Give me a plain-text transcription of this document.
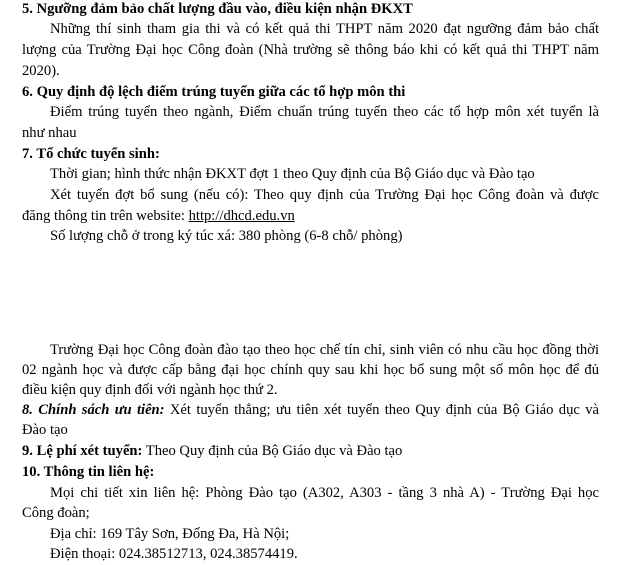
5. Ngưỡng đảm bảo chất lượng đầu vào, điều kiện nhận ĐKXT
Những thí sinh tham gia thi và có kết quả thi THPT năm 2020 đạt ngưỡng đảm bảo chất
lượng của Trường Đại học Công đoàn (Nhà trường sẽ thông báo khi có kết quả thi THPT năm
2020).
6. Quy định độ lệch điểm trúng tuyển giữa các tổ hợp môn thi
Điểm trúng tuyển theo ngành, Điểm chuẩn trúng tuyển theo các tổ hợp môn xét tuyển là
như nhau
7. Tổ chức tuyển sinh:
Thời gian; hình thức nhận ĐKXT đợt 1 theo Quy định của Bộ Giáo dục và Đào tạo
Xét tuyển đợt bổ sung (nếu có): Theo quy định của Trường Đại học Công đoàn và được
đăng thông tin trên website: http://dhcd.edu.vn
Số lượng chỗ ở trong ký túc xá: 380 phòng (6-8 chỗ/ phòng)
Trường Đại học Công đoàn đào tạo theo học chế tín chỉ, sinh viên có nhu cầu học đồng thời
02 ngành học và được cấp bằng đại học chính quy sau khi học bổ sung một số môn học để đủ
điều kiện quy định đối với ngành học thứ 2.
8. Chính sách ưu tiên: Xét tuyển thẳng; ưu tiên xét tuyển theo Quy định của Bộ Giáo dục và
Đào tạo
9. Lệ phí xét tuyển: Theo Quy định của Bộ Giáo dục và Đào tạo
10. Thông tin liên hệ:
Mọi chi tiết xin liên hệ: Phòng Đào tạo (A302, A303 - tầng 3 nhà A) - Trường Đại học
Công đoàn;
Địa chỉ: 169 Tây Sơn, Đống Đa, Hà Nội;
Điện thoại: 024.38512713, 024.38574419.
